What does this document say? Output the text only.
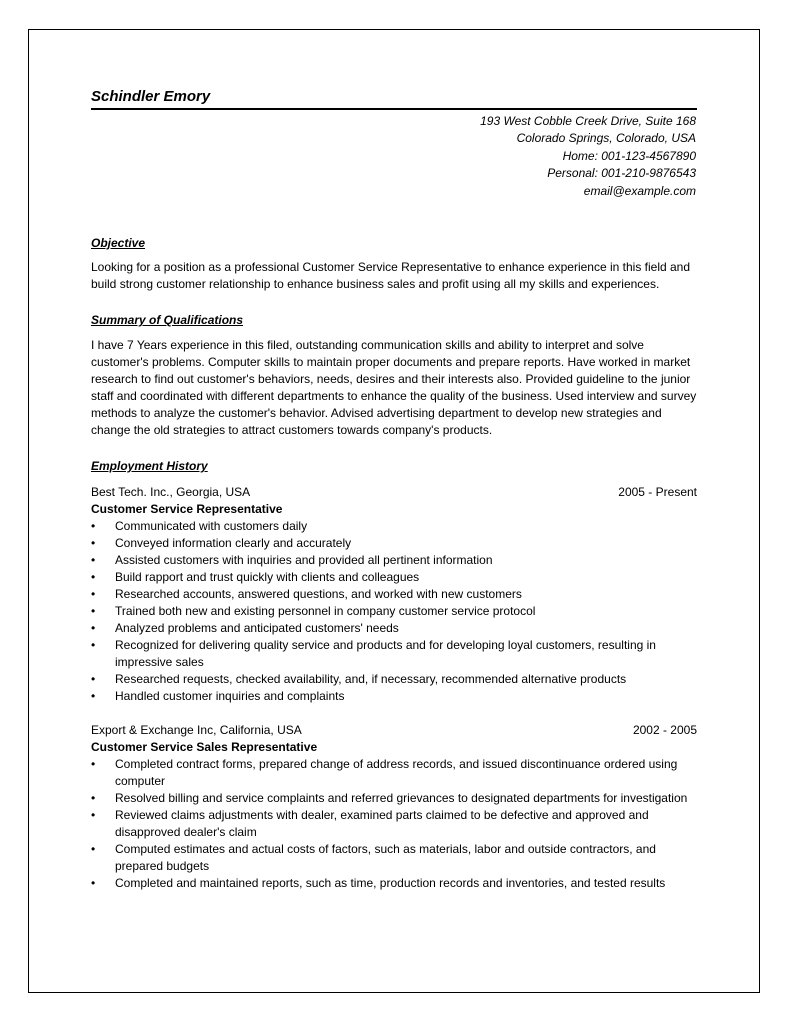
Schindler Emory
193 West Cobble Creek Drive, Suite 168
Colorado Springs, Colorado, USA
Home: 001-123-4567890
Personal: 001-210-9876543
email@example.com
Objective

Looking for a position as a professional Customer Service Representative to enhance experience in this field and build strong customer relationship to enhance business sales and profit using all my skills and experiences.

Summary of Qualifications

I have 7 Years experience in this filed, outstanding communication skills and ability to interpret and solve customer's problems. Computer skills to maintain proper documents and prepare reports. Have worked in market research to find out customer's behaviors, needs, desires and their interests also. Provided guideline to the junior staff and coordinated with different departments to enhance the quality of the business. Used interview and survey methods to analyze the customer's behavior. Advised advertising department to develop new strategies and change the old strategies to attract customers towards company's products.

Employment History
Best Tech. Inc., Georgia, USA	2005 - Present
Customer Service Representative
• Communicated with customers daily
• Conveyed information clearly and accurately
• Assisted customers with inquiries and provided all pertinent information
• Build rapport and trust quickly with clients and colleagues
• Researched accounts, answered questions, and worked with new customers
• Trained both new and existing personnel in company customer service protocol
• Analyzed problems and anticipated customers' needs
• Recognized for delivering quality service and products and for developing loyal customers, resulting in impressive sales
• Researched requests, checked availability, and, if necessary, recommended alternative products
• Handled customer inquiries and complaints
Export & Exchange Inc, California, USA	2002 - 2005
Customer Service Sales Representative
• Completed contract forms, prepared change of address records, and issued discontinuance ordered using computer
• Resolved billing and service complaints and referred grievances to designated departments for investigation
• Reviewed claims adjustments with dealer, examined parts claimed to be defective and approved and disapproved dealer's claim
• Computed estimates and actual costs of factors, such as materials, labor and outside contractors, and prepared budgets
• Completed and maintained reports, such as time, production records and inventories, and tested results
